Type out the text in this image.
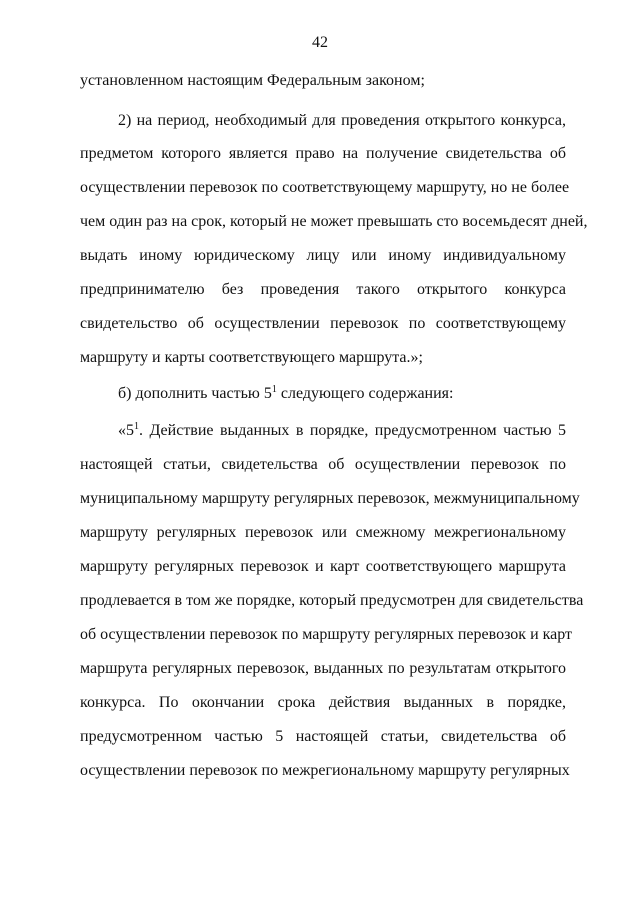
42
установленном настоящим Федеральным законом;
2) на период, необходимый для проведения открытого конкурса,
предметом которого является право на получение свидетельства об
осуществлении перевозок по соответствующему маршруту, но не более
чем один раз на срок, который не может превышать сто восемьдесят дней,
выдать иному юридическому лицу или иному индивидуальному
предпринимателю без проведения такого открытого конкурса
свидетельство об осуществлении перевозок по соответствующему
маршруту и карты соответствующего маршрута.»;
б) дополнить частью $5^1$ следующего содержания:
«$5^1$. Действие выданных в порядке, предусмотренном частью 5
настоящей статьи, свидетельства об осуществлении перевозок по
муниципальному маршруту регулярных перевозок, межмуниципальному
маршруту регулярных перевозок или смежному межрегиональному
маршруту регулярных перевозок и карт соответствующего маршрута
продлевается в том же порядке, который предусмотрен для свидетельства
об осуществлении перевозок по маршруту регулярных перевозок и карт
маршрута регулярных перевозок, выданных по результатам открытого
конкурса. По окончании срока действия выданных в порядке,
предусмотренном частью 5 настоящей статьи, свидетельства об
осуществлении перевозок по межрегиональному маршруту регулярных
